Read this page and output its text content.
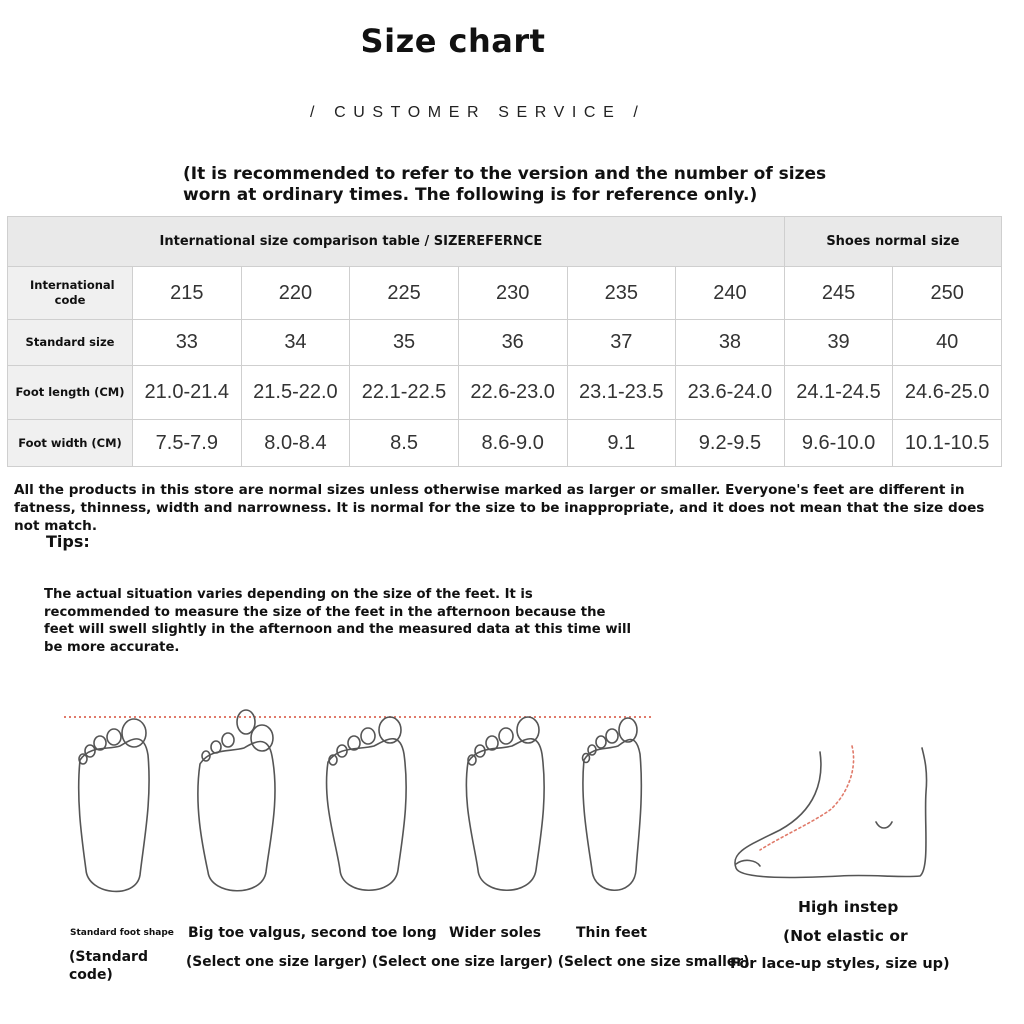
Size chart
/ CUSTOMER SERVICE /
(It is recommended to refer to the version and the number of sizes worn at ordinary times. The following is for reference only.)
International size comparison table / SIZEREFERNCE							Shoes normal size	
International code	215	220	225	230	235	240	245	250
Standard size	33	34	35	36	37	38	39	40
Foot length (CM)	21.0-21.4	21.5-22.0	22.1-22.5	22.6-23.0	23.1-23.5	23.6-24.0	24.1-24.5	24.6-25.0
Foot width (CM)	7.5-7.9	8.0-8.4	8.5	8.6-9.0	9.1	9.2-9.5	9.6-10.0	10.1-10.5
All the products in this store are normal sizes unless otherwise marked as larger or smaller. Everyone's feet are different in fatness, thinness, width and narrowness. It is normal for the size to be inappropriate, and it does not mean that the size does not match.
Tips:
The actual situation varies depending on the size of the feet. It is recommended to measure the size of the feet in the afternoon because the feet will swell slightly in the afternoon and the measured data at this time will be more accurate.
Standard foot shape
(Standard code)
Big toe valgus, second toe long Wider soles Thin feet
(Select one size larger) (Select one size larger) (Select one size smaller)
High instep
(Not elastic or
For lace-up styles, size up)
